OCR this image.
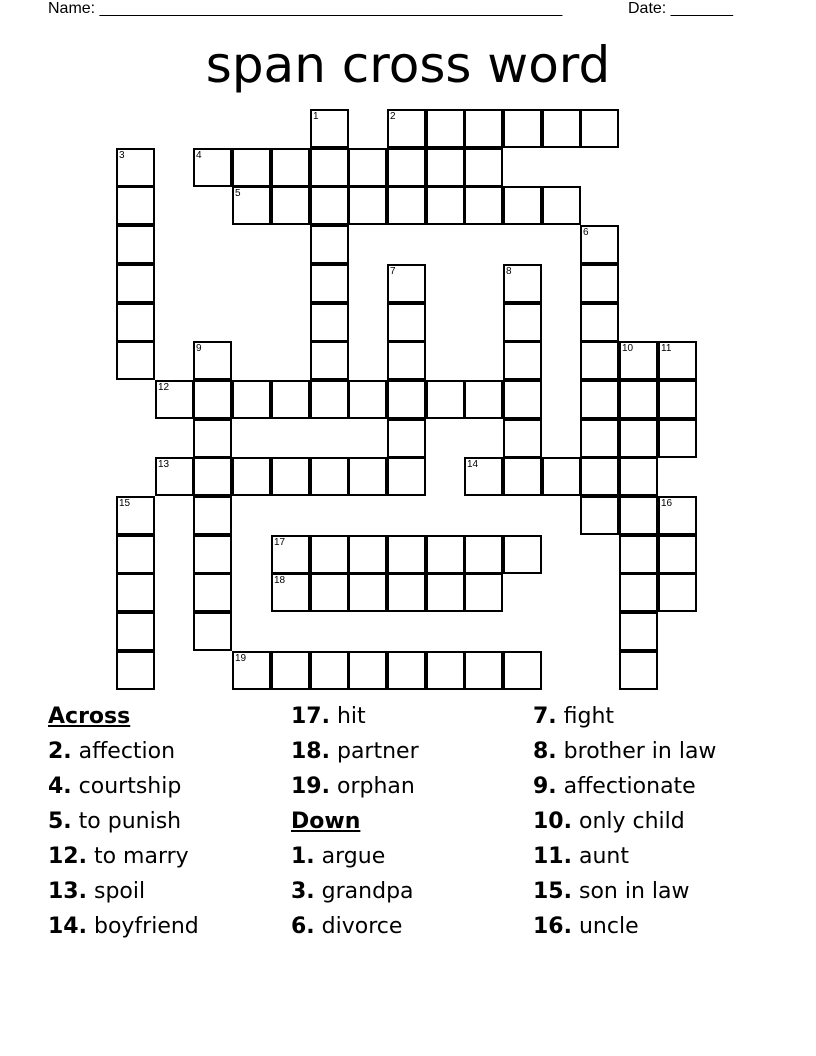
Name: ____________________________________________________	Date: _______
span cross word
1	2
3	4
5
6
7	8
9	10	11
12
13	14
15	16
17
18
19
Across
2. affection
4. courtship
5. to punish
12. to marry
13. spoil
14. boyfriend
17. hit
18. partner
19. orphan
Down
1. argue
3. grandpa
6. divorce
7. fight
8. brother in law
9. affectionate
10. only child
11. aunt
15. son in law
16. uncle
